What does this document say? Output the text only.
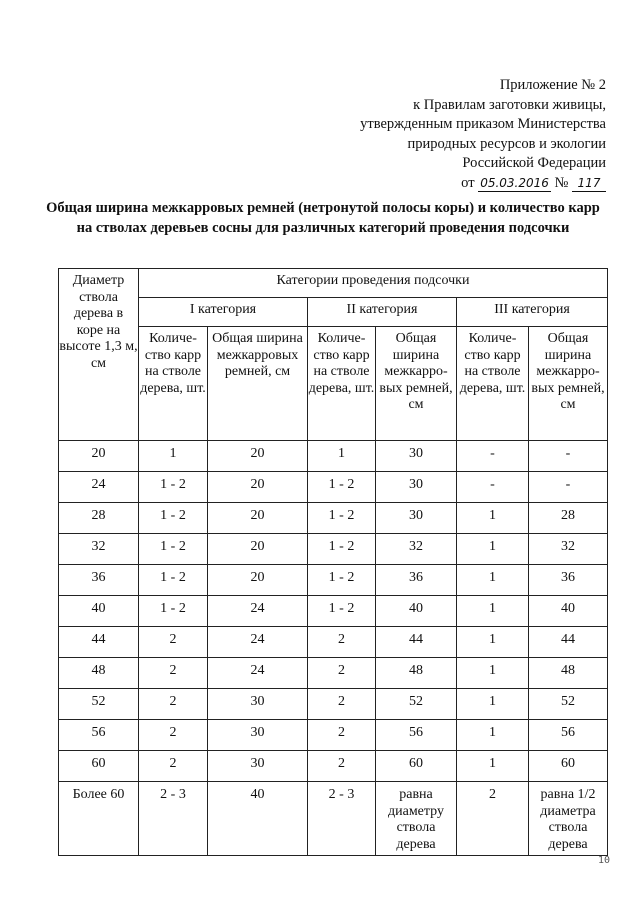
Приложение № 2
к Правилам заготовки живицы,
утвержденным приказом Министерства
природных ресурсов и экологии
Российской Федерации
от 05.03.2016 № 117
Общая ширина межкарровых ремней (нетронутой полосы коры) и количество карр на стволах деревьев сосны для различных категорий проведения подсочки
Диаметр ствола дерева в коре на высоте 1,3 м, см	Категории проведения подсочки					
	I категория		II категория		III категория	
	Количе-ство карр на стволе дерева, шт.	Общая ширина межкарровых ремней, см	Количе-ство карр на стволе дерева, шт.	Общая ширина межкарро-вых ремней, см	Количе-ство карр на стволе дерева, шт.	Общая ширина межкарро-вых ремней, см
20	1	20	1	30	-	-
24	1 - 2	20	1 - 2	30	-	-
28	1 - 2	20	1 - 2	30	1	28
32	1 - 2	20	1 - 2	32	1	32
36	1 - 2	20	1 - 2	36	1	36
40	1 - 2	24	1 - 2	40	1	40
44	2	24	2	44	1	44
48	2	24	2	48	1	48
52	2	30	2	52	1	52
56	2	30	2	56	1	56
60	2	30	2	60	1	60
Более 60	2 - 3	40	2 - 3	равна диаметру ствола дерева	2	равна 1/2 диаметра ствола дерева
10
